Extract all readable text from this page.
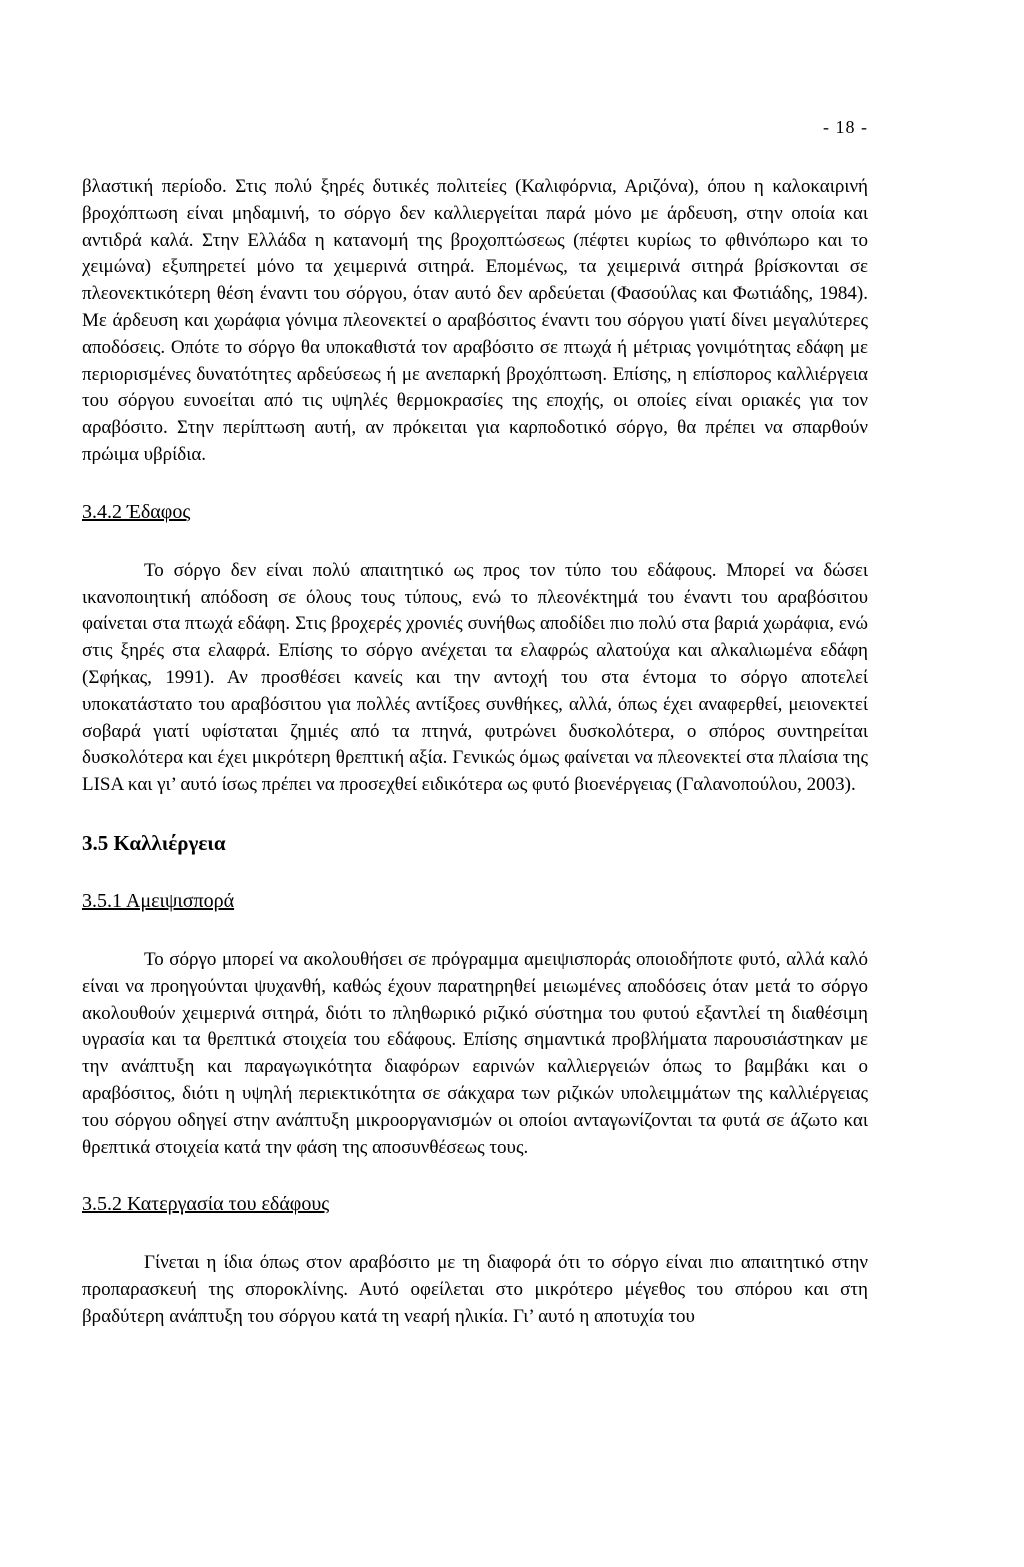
- 18 -

βλαστική περίοδο. Στις πολύ ξηρές δυτικές πολιτείες (Καλιφόρνια, Αριζόνα), όπου η καλοκαιρινή βροχόπτωση είναι μηδαμινή, το σόργο δεν καλλιεργείται παρά μόνο με άρδευση, στην οποία και αντιδρά καλά. Στην Ελλάδα η κατανομή της βροχοπτώσεως (πέφτει κυρίως το φθινόπωρο και το χειμώνα) εξυπηρετεί μόνο τα χειμερινά σιτηρά. Επομένως, τα χειμερινά σιτηρά βρίσκονται σε πλεονεκτικότερη θέση έναντι του σόργου, όταν αυτό δεν αρδεύεται (Φασούλας και Φωτιάδης, 1984). Με άρδευση και χωράφια γόνιμα πλεονεκτεί ο αραβόσιτος έναντι του σόργου γιατί δίνει μεγαλύτερες αποδόσεις. Οπότε το σόργο θα υποκαθιστά τον αραβόσιτο σε πτωχά ή μέτριας γονιμότητας εδάφη με περιορισμένες δυνατότητες αρδεύσεως ή με ανεπαρκή βροχόπτωση. Επίσης, η επίσπορος καλλιέργεια του σόργου ευνοείται από τις υψηλές θερμοκρασίες της εποχής, οι οποίες είναι οριακές για τον αραβόσιτο. Στην περίπτωση αυτή, αν πρόκειται για καρποδοτικό σόργο, θα πρέπει να σπαρθούν πρώιμα υβρίδια.

3.4.2 Έδαφος

Το σόργο δεν είναι πολύ απαιτητικό ως προς τον τύπο του εδάφους. Μπορεί να δώσει ικανοποιητική απόδοση σε όλους τους τύπους, ενώ το πλεονέκτημά του έναντι του αραβόσιτου φαίνεται στα πτωχά εδάφη. Στις βροχερές χρονιές συνήθως αποδίδει πιο πολύ στα βαριά χωράφια, ενώ στις ξηρές στα ελαφρά. Επίσης το σόργο ανέχεται τα ελαφρώς αλατούχα και αλκαλιωμένα εδάφη (Σφήκας, 1991). Αν προσθέσει κανείς και την αντοχή του στα έντομα το σόργο αποτελεί υποκατάστατο του αραβόσιτου για πολλές αντίξοες συνθήκες, αλλά, όπως έχει αναφερθεί, μειονεκτεί σοβαρά γιατί υφίσταται ζημιές από τα πτηνά, φυτρώνει δυσκολότερα, ο σπόρος συντηρείται δυσκολότερα και έχει μικρότερη θρεπτική αξία. Γενικώς όμως φαίνεται να πλεονεκτεί στα πλαίσια της LISA και γι’ αυτό ίσως πρέπει να προσεχθεί ειδικότερα ως φυτό βιοενέργειας (Γαλανοπούλου, 2003).

3.5 Καλλιέργεια
3.5.1 Αμειψισπορά

Το σόργο μπορεί να ακολουθήσει σε πρόγραμμα αμειψισποράς οποιοδήποτε φυτό, αλλά καλό είναι να προηγούνται ψυχανθή, καθώς έχουν παρατηρηθεί μειωμένες αποδόσεις όταν μετά το σόργο ακολουθούν χειμερινά σιτηρά, διότι το πληθωρικό ριζικό σύστημα του φυτού εξαντλεί τη διαθέσιμη υγρασία και τα θρεπτικά στοιχεία του εδάφους. Επίσης σημαντικά προβλήματα παρουσιάστηκαν με την ανάπτυξη και παραγωγικότητα διαφόρων εαρινών καλλιεργειών όπως το βαμβάκι και ο αραβόσιτος, διότι η υψηλή περιεκτικότητα σε σάκχαρα των ριζικών υπολειμμάτων της καλλιέργειας του σόργου οδηγεί στην ανάπτυξη μικροοργανισμών οι οποίοι ανταγωνίζονται τα φυτά σε άζωτο και θρεπτικά στοιχεία κατά την φάση της αποσυνθέσεως τους.

3.5.2 Κατεργασία του εδάφους

Γίνεται η ίδια όπως στον αραβόσιτο με τη διαφορά ότι το σόργο είναι πιο απαιτητικό στην προπαρασκευή της σποροκλίνης. Αυτό οφείλεται στο μικρότερο μέγεθος του σπόρου και στη βραδύτερη ανάπτυξη του σόργου κατά τη νεαρή ηλικία. Γι’ αυτό η αποτυχία του
